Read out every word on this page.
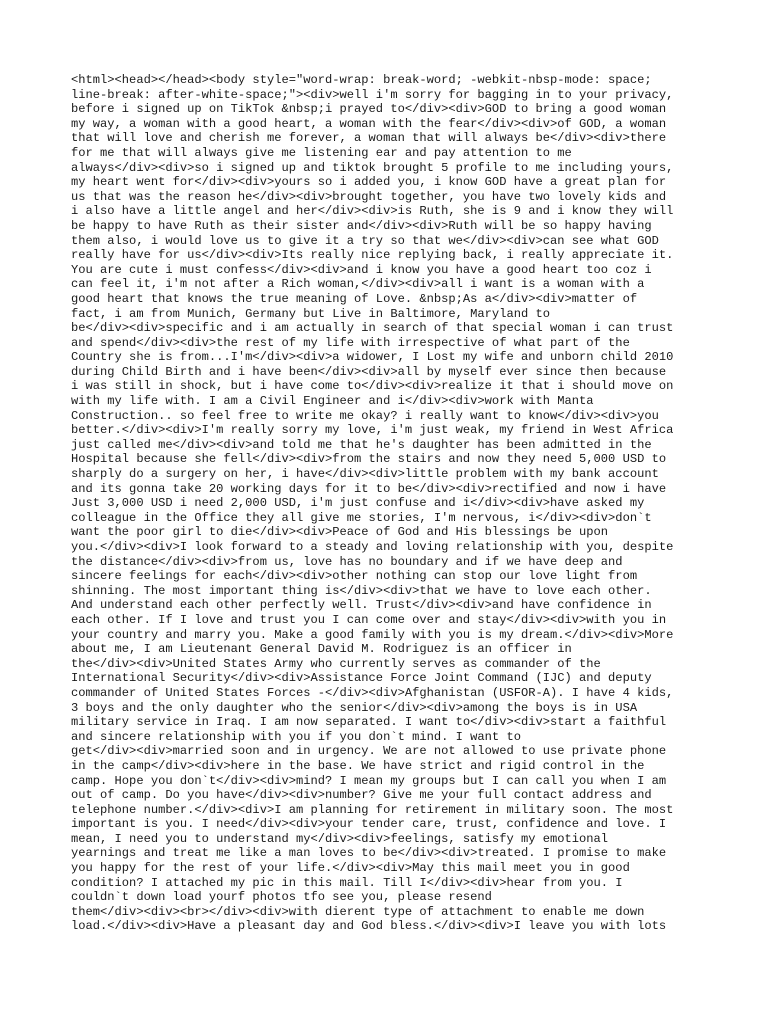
<html><head></head><body style="word-wrap: break-word; -webkit-nbsp-mode: space;
line-break: after-white-space;"><div>well i'm sorry for bagging in to your privacy,
before i signed up on TikTok &nbsp;i prayed to</div><div>GOD to bring a good woman
my way, a woman with a good heart, a woman with the fear</div><div>of GOD, a woman
that will love and cherish me forever, a woman that will always be</div><div>there
for me that will always give me listening ear and pay attention to me
always</div><div>so i signed up and tiktok brought 5 profile to me including yours,
my heart went for</div><div>yours so i added you, i know GOD have a great plan for
us that was the reason he</div><div>brought together, you have two lovely kids and
i also have a little angel and her</div><div>is Ruth, she is 9 and i know they will
be happy to have Ruth as their sister and</div><div>Ruth will be so happy having
them also, i would love us to give it a try so that we</div><div>can see what GOD
really have for us</div><div>Its really nice replying back, i really appreciate it.
You are cute i must confess</div><div>and i know you have a good heart too coz i
can feel it, i'm not after a Rich woman,</div><div>all i want is a woman with a
good heart that knows the true meaning of Love. &nbsp;As a</div><div>matter of
fact, i am from Munich, Germany but Live in Baltimore, Maryland to
be</div><div>specific and i am actually in search of that special woman i can trust
and spend</div><div>the rest of my life with irrespective of what part of the
Country she is from...I'm</div><div>a widower, I Lost my wife and unborn child 2010
during Child Birth and i have been</div><div>all by myself ever since then because
i was still in shock, but i have come to</div><div>realize it that i should move on
with my life with. I am a Civil Engineer and i</div><div>work with Manta
Construction.. so feel free to write me okay? i really want to know</div><div>you
better.</div><div>I'm really sorry my love, i'm just weak, my friend in West Africa
just called me</div><div>and told me that he's daughter has been admitted in the
Hospital because she fell</div><div>from the stairs and now they need 5,000 USD to
sharply do a surgery on her, i have</div><div>little problem with my bank account
and its gonna take 20 working days for it to be</div><div>rectified and now i have
Just 3,000 USD i need 2,000 USD, i'm just confuse and i</div><div>have asked my
colleague in the Office they all give me stories, I'm nervous, i</div><div>don`t
want the poor girl to die</div><div>Peace of God and His blessings be upon
you.</div><div>I look forward to a steady and loving relationship with you, despite
the distance</div><div>from us, love has no boundary and if we have deep and
sincere feelings for each</div><div>other nothing can stop our love light from
shinning. The most important thing is</div><div>that we have to love each other.
And understand each other perfectly well. Trust</div><div>and have confidence in
each other. If I love and trust you I can come over and stay</div><div>with you in
your country and marry you. Make a good family with you is my dream.</div><div>More
about me, I am Lieutenant General David M. Rodriguez is an officer in
the</div><div>United States Army who currently serves as commander of the
International Security</div><div>Assistance Force Joint Command (IJC) and deputy
commander of United States Forces -</div><div>Afghanistan (USFOR-A). I have 4 kids,
3 boys and the only daughter who the senior</div><div>among the boys is in USA
military service in Iraq. I am now separated. I want to</div><div>start a faithful
and sincere relationship with you if you don`t mind. I want to
get</div><div>married soon and in urgency. We are not allowed to use private phone
in the camp</div><div>here in the base. We have strict and rigid control in the
camp. Hope you don`t</div><div>mind? I mean my groups but I can call you when I am
out of camp. Do you have</div><div>number? Give me your full contact address and
telephone number.</div><div>I am planning for retirement in military soon. The most
important is you. I need</div><div>your tender care, trust, confidence and love. I
mean, I need you to understand my</div><div>feelings, satisfy my emotional
yearnings and treat me like a man loves to be</div><div>treated. I promise to make
you happy for the rest of your life.</div><div>May this mail meet you in good
condition? I attached my pic in this mail. Till I</div><div>hear from you. I
couldn`t down load yourf photos tfo see you, please resend
them</div><div><br></div><div>with dierent type of attachment to enable me down
load.</div><div>Have a pleasant day and God bless.</div><div>I leave you with lots
